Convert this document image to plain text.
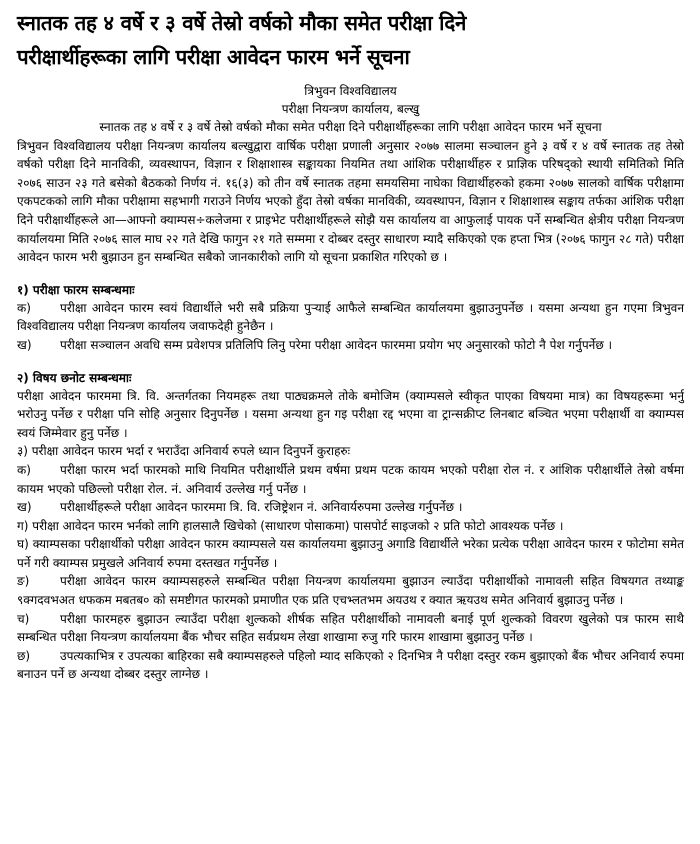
स्नातक तह ४ वर्षे र ३ वर्षे तेस्रो वर्षको मौका समेत परीक्षा दिने
परीक्षार्थीहरूका लागि परीक्षा आवेदन फारम भर्ने सूचना
त्रिभुवन विश्वविद्यालय
परीक्षा नियन्त्रण कार्यालय, बल्खु
स्नातक तह ४ वर्षे र ३ वर्षे तेस्रो वर्षको मौका समेत परीक्षा दिने परीक्षार्थीहरूका लागि परीक्षा आवेदन फारम भर्ने सूचना
त्रिभुवन विश्वविद्यालय परीक्षा नियन्त्रण कार्यालय बल्खुद्वारा वार्षिक परीक्षा प्रणाली अनुसार २०७७ सालमा सञ्चालन हुने ३ वर्षे र ४ वर्षे स्नातक तह तेस्रो वर्षको परीक्षा दिने मानविकी, व्यवस्थापन, विज्ञान र शिक्षाशास्त्र सङ्कायका नियमित तथा आंशिक परीक्षार्थीहरु र प्राज्ञिक परिषद्को स्थायी समितिको मिति २०७६ साउन २३ गते बसेको बैठकको निर्णय नं. १६(३) को तीन वर्षे स्नातक तहमा समयसिमा नाघेका विद्यार्थीहरुको हकमा २०७७ सालको वार्षिक परीक्षामा एकपटकको लागि मौका परीक्षामा सहभागी गराउने निर्णय भएको हुँदा तेस्रो वर्षका मानविकी, व्यवस्थापन, विज्ञान र शिक्षाशास्त्र सङ्काय तर्फका आंशिक परीक्षा दिने परीक्षार्थीहरूले आ—आफ्नो क्याम्पस÷कलेजमा र प्राइभेट परीक्षार्थीहरूले सोझै यस कार्यालय वा आफुलाई पायक पर्ने सम्बन्धित क्षेत्रीय परीक्षा नियन्त्रण कार्यालयमा मिति २०७६ साल माघ २२ गते देखि फागुन २१ गते सम्ममा र दोब्बर दस्तुर साधारण म्यादै सकिएको एक हप्ता भित्र (२०७६ फागुन २८ गते) परीक्षा आवेदन फारम भरी बुझाउन हुन सम्बन्धित सबैको जानकारीको लागि यो सूचना प्रकाशित गरिएको छ ।

१) परीक्षा फारम सम्बन्धमाः

क) परीक्षा आवेदन फारम स्वयं विद्यार्थीले भरी सबै प्रक्रिया पुर्‍याई आफैले सम्बन्धित कार्यालयमा बुझाउनुपर्नेछ । यसमा अन्यथा हुन गएमा त्रिभुवन विश्वविद्यालय परीक्षा नियन्त्रण कार्यालय जवाफदेही हुनेछैन ।

ख) परीक्षा सञ्चालन अवधि सम्म प्रवेशपत्र प्रतिलिपि लिनु परेमा परीक्षा आवेदन फारममा प्रयोग भए अनुसारको फोटो नै पेश गर्नुपर्नेछ ।

२) विषय छनोट सम्बन्धमाः

परीक्षा आवेदन फारममा त्रि. वि. अन्तर्गतका नियमहरू तथा पाठ्यक्रमले तोके बमोजिम (क्याम्पसले स्वीकृत पाएका विषयमा मात्र) का विषयहरूमा भर्नु भरोउनु पर्नेछ र परीक्षा पनि सोहि अनुसार दिनुपर्नेछ । यसमा अन्यथा हुन गइ परीक्षा रद्द भएमा वा ट्रान्सक्रीप्ट लिनबाट बञ्चित भएमा परीक्षार्थी वा क्याम्पस स्वयं जिम्मेवार हुनु पर्नेछ ।

३) परीक्षा आवेदन फारम भर्दा र भराउँदा अनिवार्य रुपले ध्यान दिनुपर्ने कुराहरुः

क) परीक्षा फारम भर्दा फारमको माथि नियमित परीक्षार्थीले प्रथम वर्षमा प्रथम पटक कायम भएको परीक्षा रोल नं. र आंशिक परीक्षार्थीले तेस्रो वर्षमा कायम भएको पछिल्लो परीक्षा रोल. नं. अनिवार्य उल्लेख गर्नु पर्नेछ ।

ख) परीक्षार्थीहरूले परीक्षा आवेदन फारममा त्रि. वि. रजिष्ट्रेशन नं. अनिवार्यरुपमा उल्लेख गर्नुपर्नेछ ।

ग) परीक्षा आवेदन फारम भर्नको लागि हालसालै खिचेको (साधारण पोसाकमा) पासपोर्ट साइजको २ प्रति फोटो आवश्यक पर्नेछ ।

घ) क्याम्पसका परीक्षार्थीको परीक्षा आवेदन फारम क्याम्पसले यस कार्यालयमा बुझाउनु अगाडि विद्यार्थीले भरेका प्रत्येक परीक्षा आवेदन फारम र फोटोमा समेत पर्ने गरी क्याम्पस प्रमुखले अनिवार्य रुपमा दस्तखत गर्नुपर्नेछ ।

ङ)	परीक्षा आवेदन फारम क्याम्पसहरुले सम्बन्धित परीक्षा नियन्त्रण कार्यालयमा बुझाउन ल्याउँदा परीक्षार्थीको नामावली सहित विषयगत तथ्याङ्क ९क्गदवभअत धफकम मबतब० को समष्टीगत फारमको प्रमाणीत एक प्रति एचभ्लतभम अयउथ र क्यात ऋयउथ समेत अनिवार्य बुझाउनु पर्नेछ ।

च)	परीक्षा फारमहरु बुझाउन ल्याउँदा परीक्षा शुल्कको शीर्षक सहित परीक्षार्थीको नामावली बनाई पूर्ण शुल्कको विवरण खुलेको पत्र फारम साथै सम्बन्धित परीक्षा नियन्त्रण कार्यालयमा बैंक भौचर सहित सर्वप्रथम लेखा शाखामा रुजु गरि फारम शाखामा बुझाउनु पर्नेछ ।

छ) उपत्यकाभित्र र उपत्यका बाहिरका सबै क्याम्पसहरुले पहिलो म्याद सकिएको २ दिनभित्र नै परीक्षा दस्तुर रकम बुझाएको बैंक भौचर अनिवार्य रुपमा बनाउन पर्ने छ अन्यथा दोब्बर दस्तुर लाग्नेछ ।
